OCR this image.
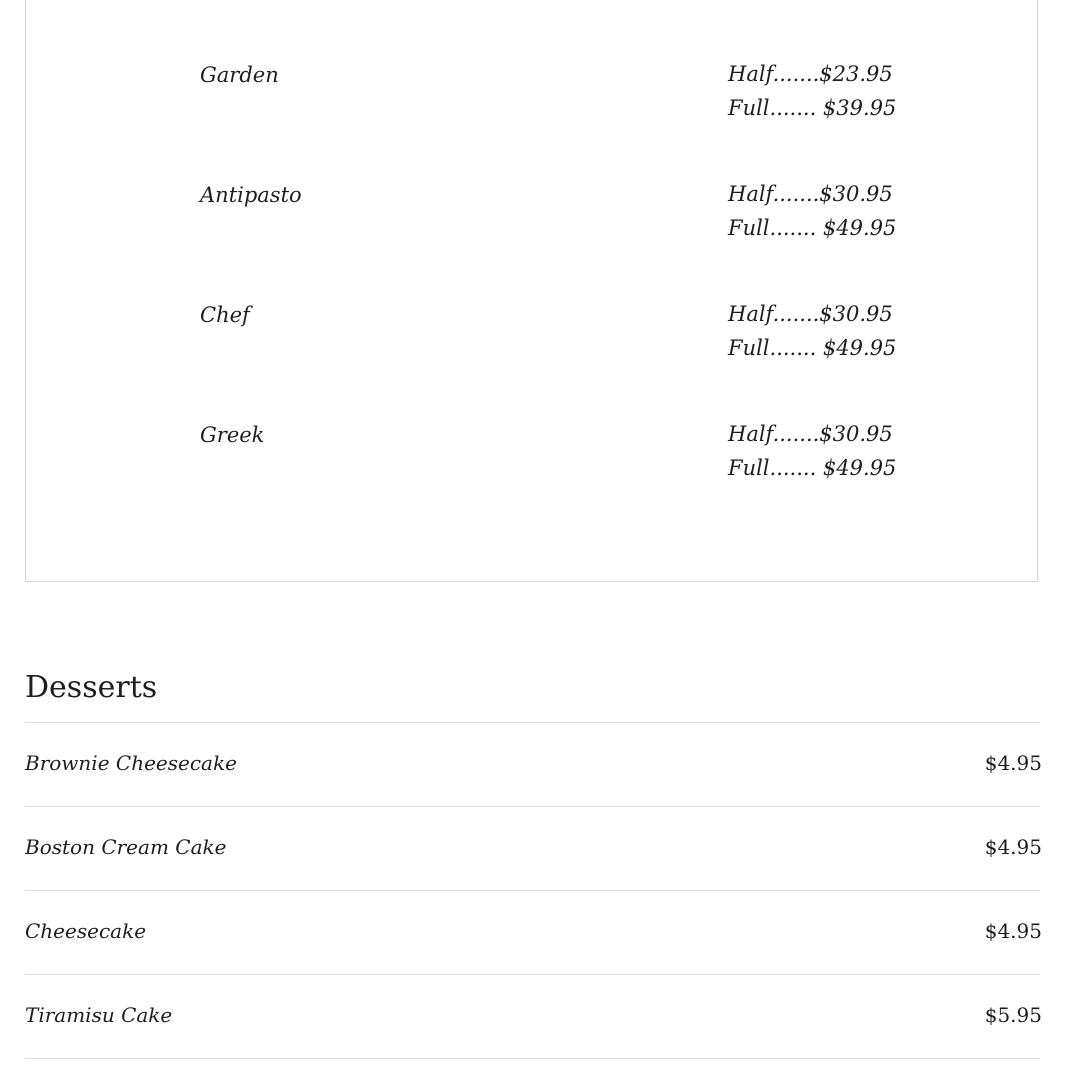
Garden	Half.......$23.95
Full....... $39.95
Antipasto	Half.......$30.95
Full....... $49.95
Chef	Half.......$30.95
Full....... $49.95
Greek	Half.......$30.95
Full....... $49.95
Desserts
Brownie Cheesecake	$4.95
Boston Cream Cake	$4.95
Cheesecake	$4.95
Tiramisu Cake	$5.95
